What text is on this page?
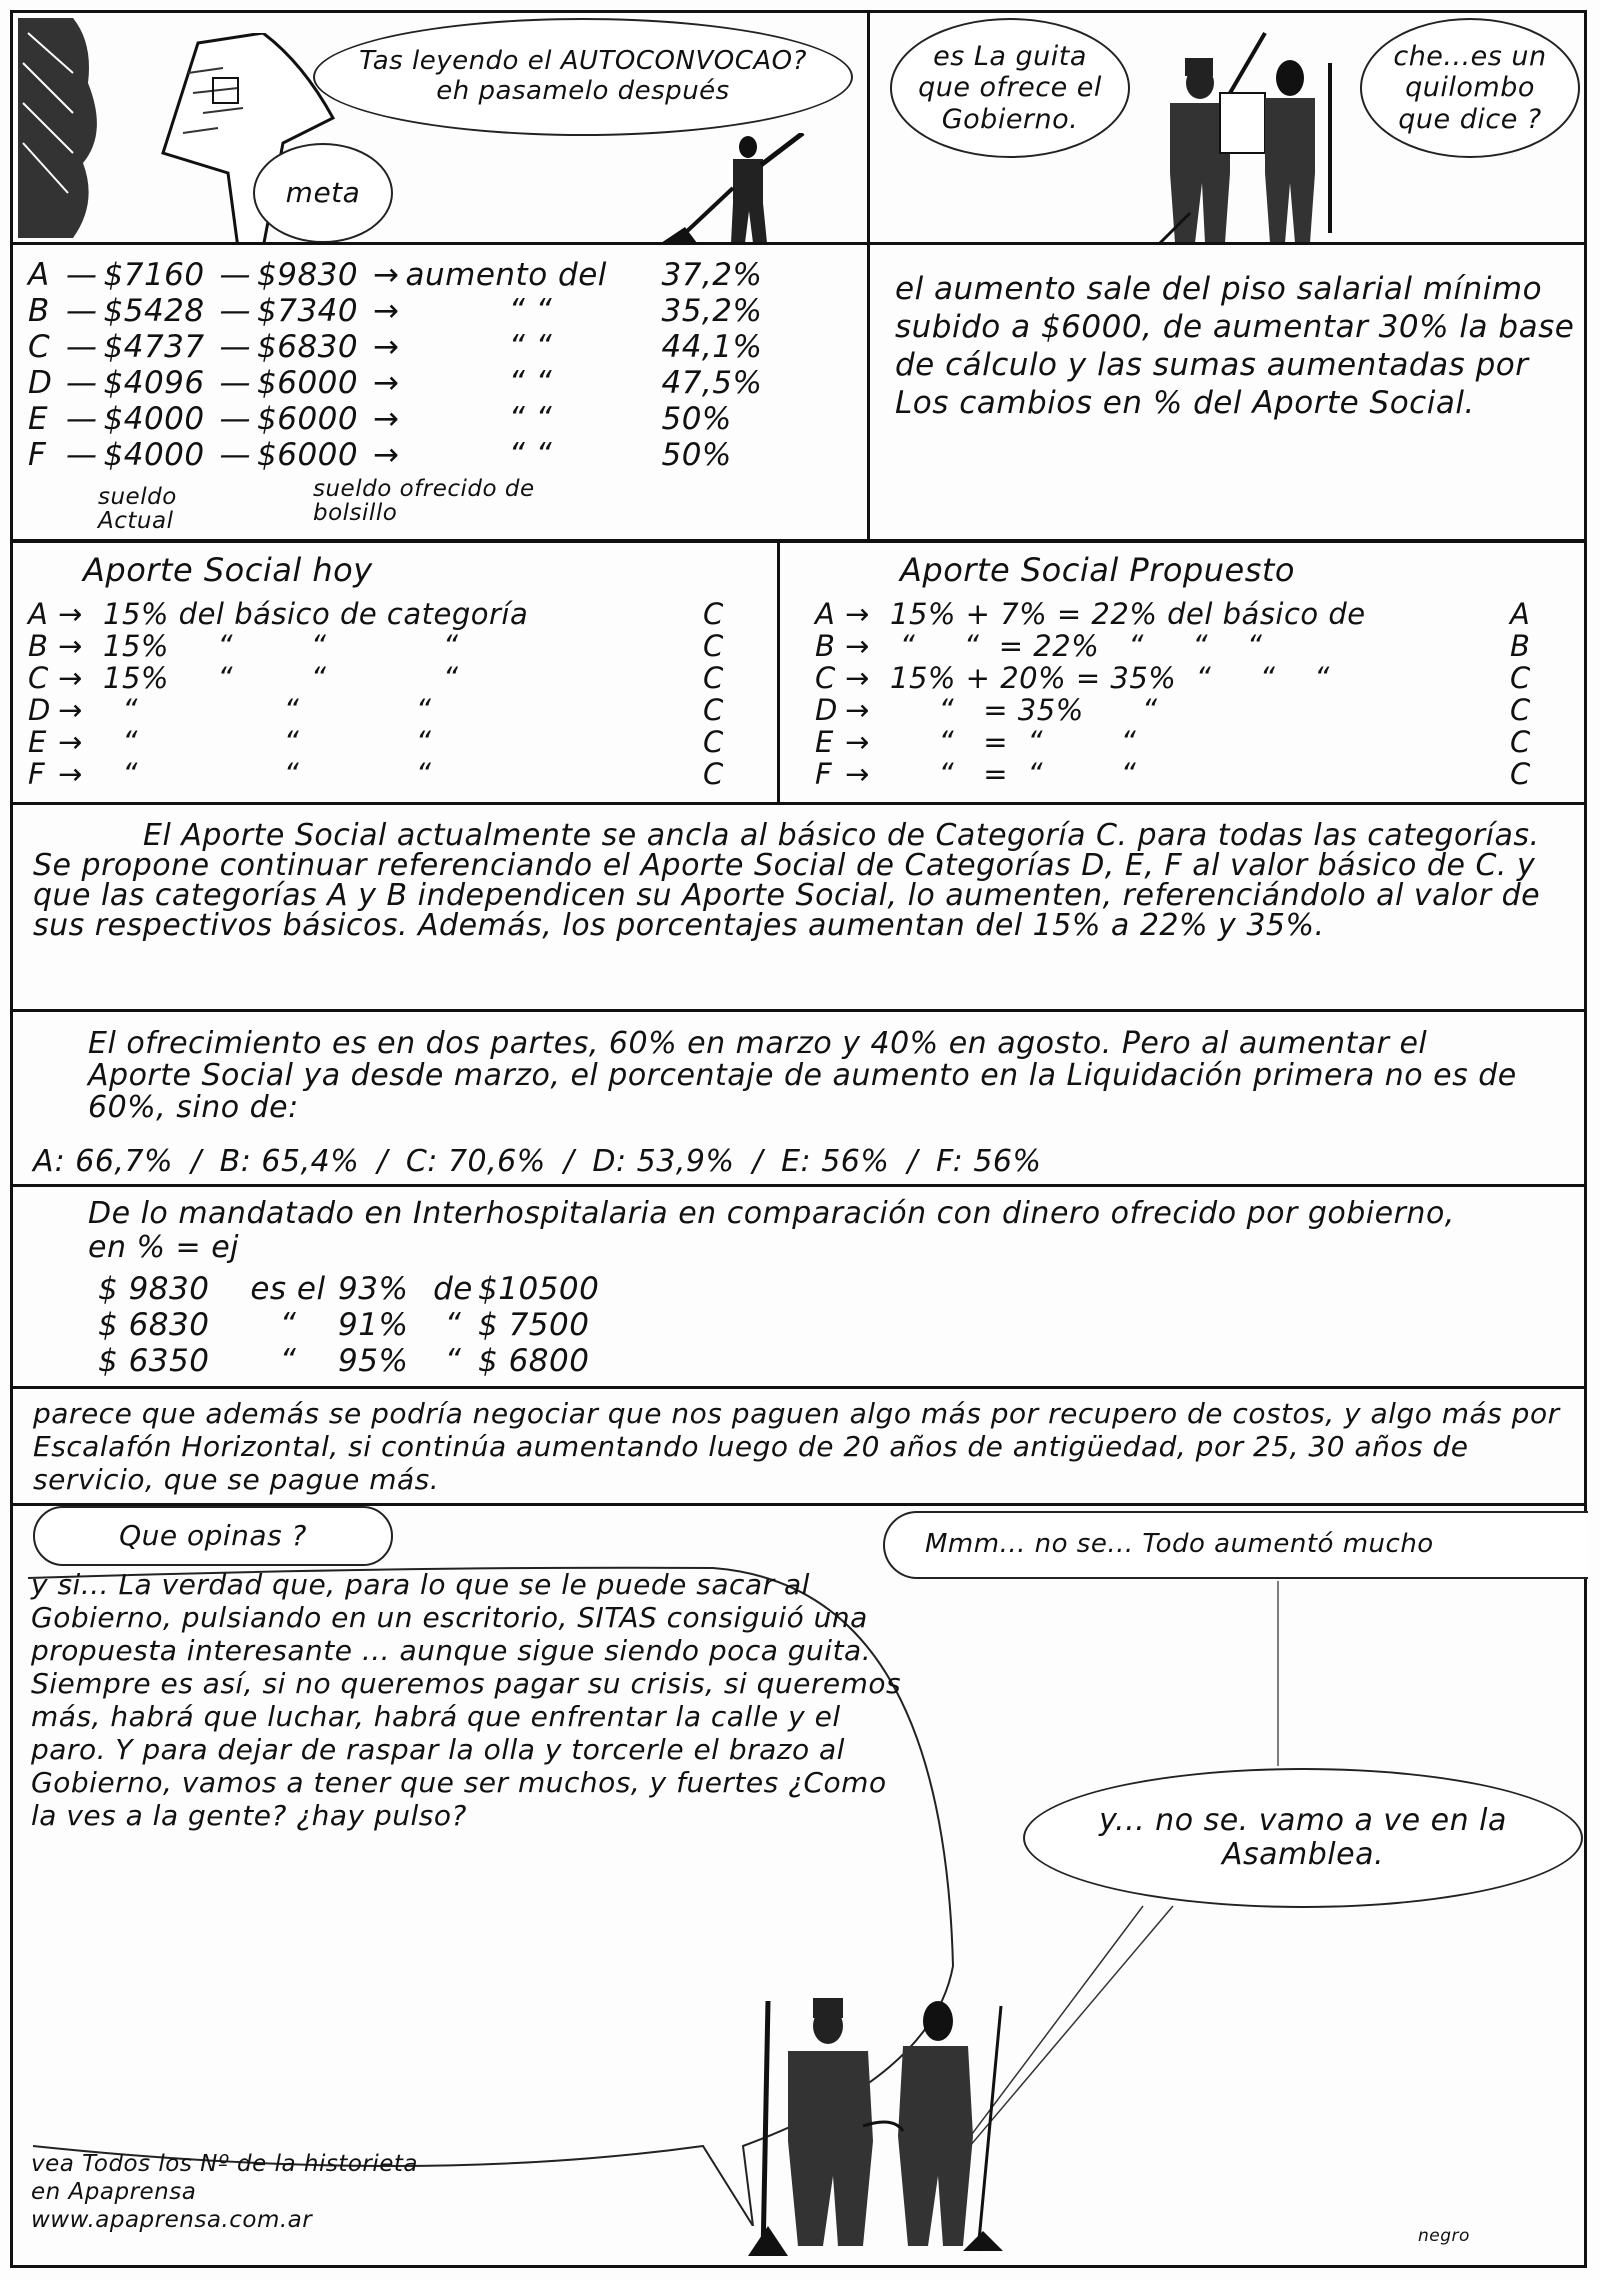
meta
Tas leyendo el AUTOCONVOCAO? eh pasamelo después
es La guita que ofrece el Gobierno.
che...es un quilombo que dice ?
A — $7160 — $9830 → aumento del	37,2%
B — $5428 — $7340 →	“ “	35,2%
C — $4737 — $6830 →	“ “	44,1%
D — $4096 — $6000 →	“ “	47,5%
E — $4000 — $6000 →	“ “	50%
F — $4000 — $6000 →	“ “	50%
sueldo Actual
sueldo ofrecido de bolsillo
el aumento sale del piso salarial mínimo subido a $6000, de aumentar 30% la base de cálculo y las sumas aumentadas por Los cambios en % del Aporte Social.
Aporte Social hoy
A → 15% del básico de categoría	C
B → 15%     “        “            “	C
C → 15%     “        “            “	C
D → “               “            “	C
E → “               “            “	C
F → “               “            “	C
Aporte Social Propuesto
A → 15% + 7% = 22% del básico de	A
B → “     “  = 22%   “     “    “	B
C → 15% + 20% = 35%  “     “    “	C
D → “   = 35%      “	C
E → “   =  “        “	C
F → “   =  “        “	C
El Aporte Social actualmente se ancla al básico de Categoría C. para todas las categorías. Se propone continuar referenciando el Aporte Social de Categorías D, E, F al valor básico de C. y que las categorías A y B independicen su Aporte Social, lo aumenten, referenciándolo al valor de sus respectivos básicos. Además, los porcentajes aumentan del 15% a 22% y 35%.
El ofrecimiento es en dos partes, 60% en marzo y 40% en agosto. Pero al aumentar el Aporte Social ya desde marzo, el porcentaje de aumento en la Liquidación primera no es de 60%, sino de:
A: 66,7% / B: 65,4% / C: 70,6% / D: 53,9% / E: 56% / F: 56%
De lo mandatado en Interhospitalaria en comparación con dinero ofrecido por gobierno, en % = ej
$ 9830	es el 93% de $10500
$ 6830	“	91%	“ $ 7500
$ 6350	“	95%	“ $ 6800
parece que además se podría negociar que nos paguen algo más por recupero de costos, y algo más por Escalafón Horizontal, si continúa aumentando luego de 20 años de antigüedad, por 25, 30 años de servicio, que se pague más.
Que opinas ?
y si... La verdad que, para lo que se le puede sacar al Gobierno, pulsiando en un escritorio, SITAS consiguió una propuesta interesante ... aunque sigue siendo poca guita. Siempre es así, si no queremos pagar su crisis, si queremos más, habrá que luchar, habrá que enfrentar la calle y el paro. Y para dejar de raspar la olla y torcerle el brazo al Gobierno, vamos a tener que ser muchos, y fuertes ¿Como la ves a la gente? ¿hay pulso?
Mmm... no se... Todo aumentó mucho
y... no se. vamo a ve en la Asamblea.
vea Todos los Nº de la historieta
en Apaprensa
www.apaprensa.com.ar
negro
